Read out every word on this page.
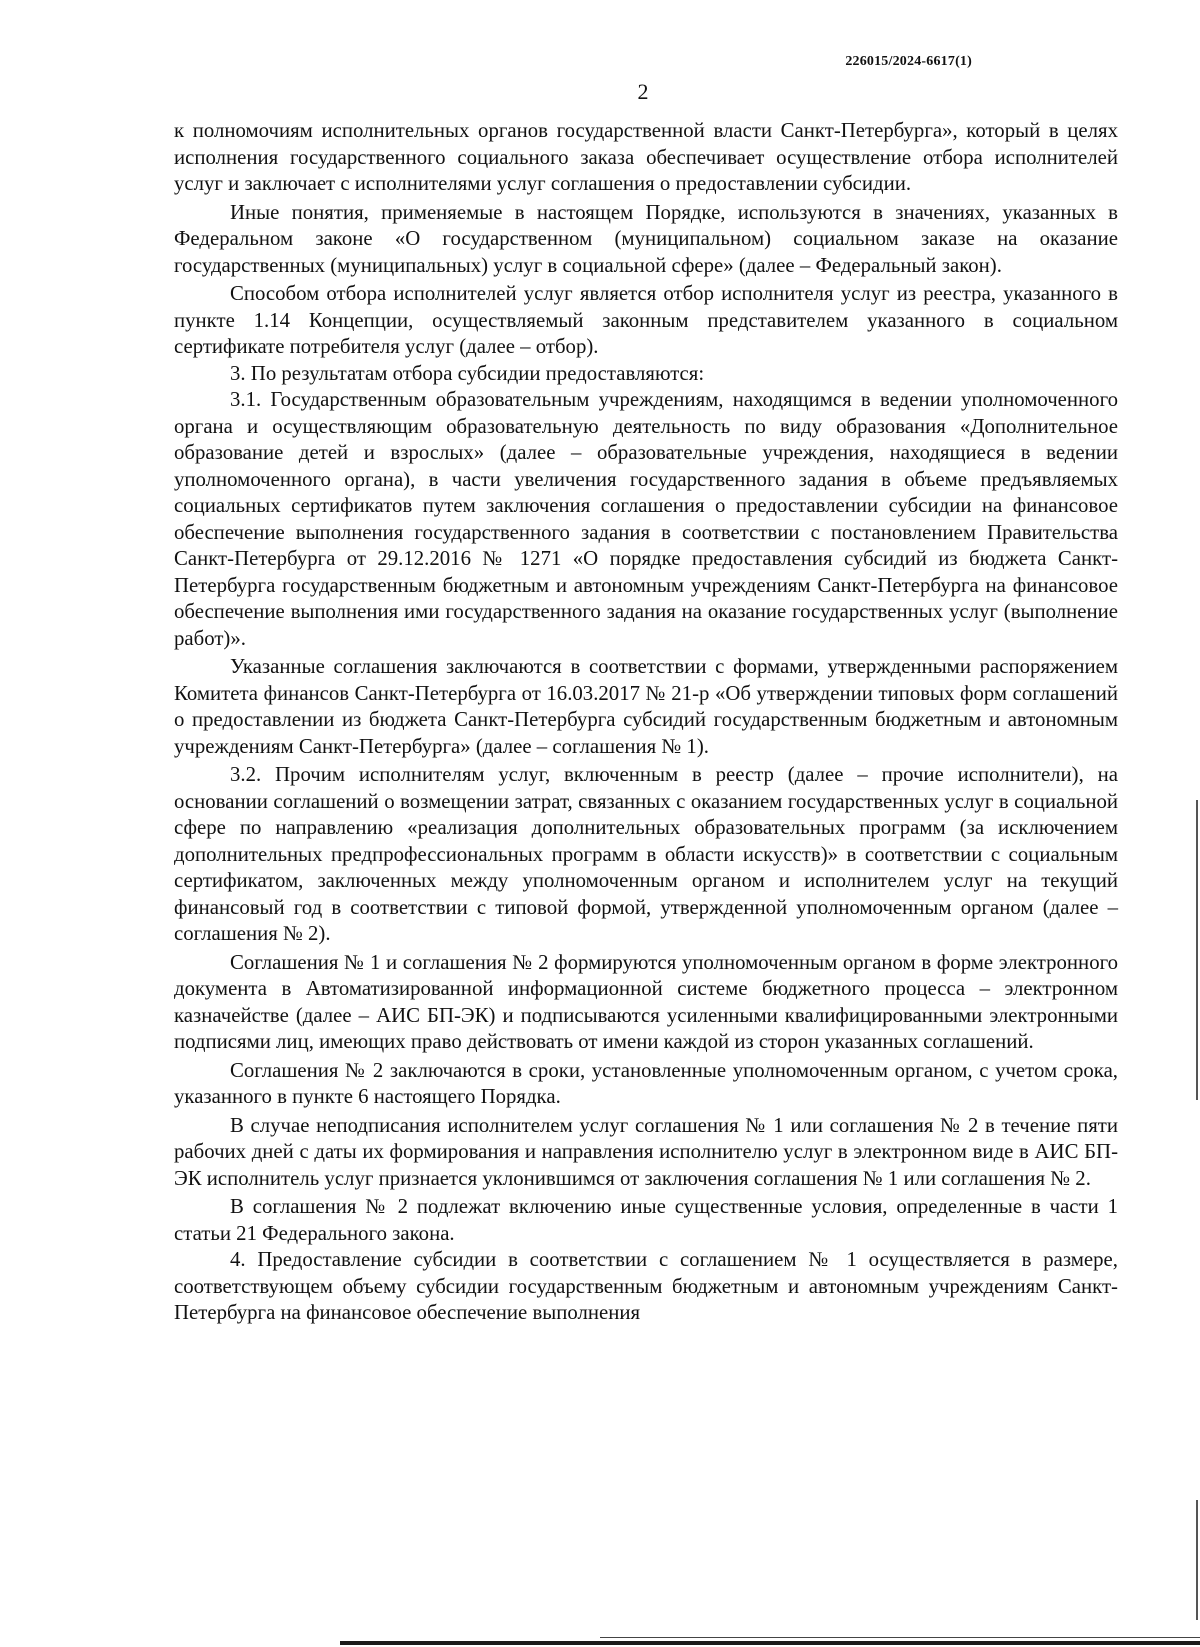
226015/2024-6617(1)
2

к полномочиям исполнительных органов государственной власти Санкт-Петербурга», который в целях исполнения государственного социального заказа обеспечивает осуществление отбора исполнителей услуг и заключает с исполнителями услуг соглашения о предоставлении субсидии.

Иные понятия, применяемые в настоящем Порядке, используются в значениях, указанных в Федеральном законе «О государственном (муниципальном) социальном заказе на оказание государственных (муниципальных) услуг в социальной сфере» (далее – Федеральный закон).

Способом отбора исполнителей услуг является отбор исполнителя услуг из реестра, указанного в пункте 1.14 Концепции, осуществляемый законным представителем указанного в социальном сертификате потребителя услуг (далее – отбор).

3. По результатам отбора субсидии предоставляются:

3.1. Государственным образовательным учреждениям, находящимся в ведении уполномоченного органа и осуществляющим образовательную деятельность по виду образования «Дополнительное образование детей и взрослых» (далее – образовательные учреждения, находящиеся в ведении уполномоченного органа), в части увеличения государственного задания в объеме предъявляемых социальных сертификатов путем заключения соглашения о предоставлении субсидии на финансовое обеспечение выполнения государственного задания в соответствии с постановлением Правительства Санкт-Петербурга от 29.12.2016 № 1271 «О порядке предоставления субсидий из бюджета Санкт-Петербурга государственным бюджетным и автономным учреждениям Санкт-Петербурга на финансовое обеспечение выполнения ими государственного задания на оказание государственных услуг (выполнение работ)».

Указанные соглашения заключаются в соответствии с формами, утвержденными распоряжением Комитета финансов Санкт-Петербурга от 16.03.2017 № 21-р «Об утверждении типовых форм соглашений о предоставлении из бюджета Санкт-Петербурга субсидий государственным бюджетным и автономным учреждениям Санкт-Петербурга» (далее – соглашения № 1).

3.2. Прочим исполнителям услуг, включенным в реестр (далее – прочие исполнители), на основании соглашений о возмещении затрат, связанных с оказанием государственных услуг в социальной сфере по направлению «реализация дополнительных образовательных программ (за исключением дополнительных предпрофессиональных программ в области искусств)» в соответствии с социальным сертификатом, заключенных между уполномоченным органом и исполнителем услуг на текущий финансовый год в соответствии с типовой формой, утвержденной уполномоченным органом (далее – соглашения № 2).

Соглашения № 1 и соглашения № 2 формируются уполномоченным органом в форме электронного документа в Автоматизированной информационной системе бюджетного процесса – электронном казначействе (далее – АИС БП-ЭК) и подписываются усиленными квалифицированными электронными подписями лиц, имеющих право действовать от имени каждой из сторон указанных соглашений.

Соглашения № 2 заключаются в сроки, установленные уполномоченным органом, с учетом срока, указанного в пункте 6 настоящего Порядка.

В случае неподписания исполнителем услуг соглашения № 1 или соглашения № 2 в течение пяти рабочих дней с даты их формирования и направления исполнителю услуг в электронном виде в АИС БП-ЭК исполнитель услуг признается уклонившимся от заключения соглашения № 1 или соглашения № 2.

В соглашения № 2 подлежат включению иные существенные условия, определенные в части 1 статьи 21 Федерального закона.

4. Предоставление субсидии в соответствии с соглашением № 1 осуществляется в размере, соответствующем объему субсидии государственным бюджетным и автономным учреждениям Санкт-Петербурга на финансовое обеспечение выполнения
